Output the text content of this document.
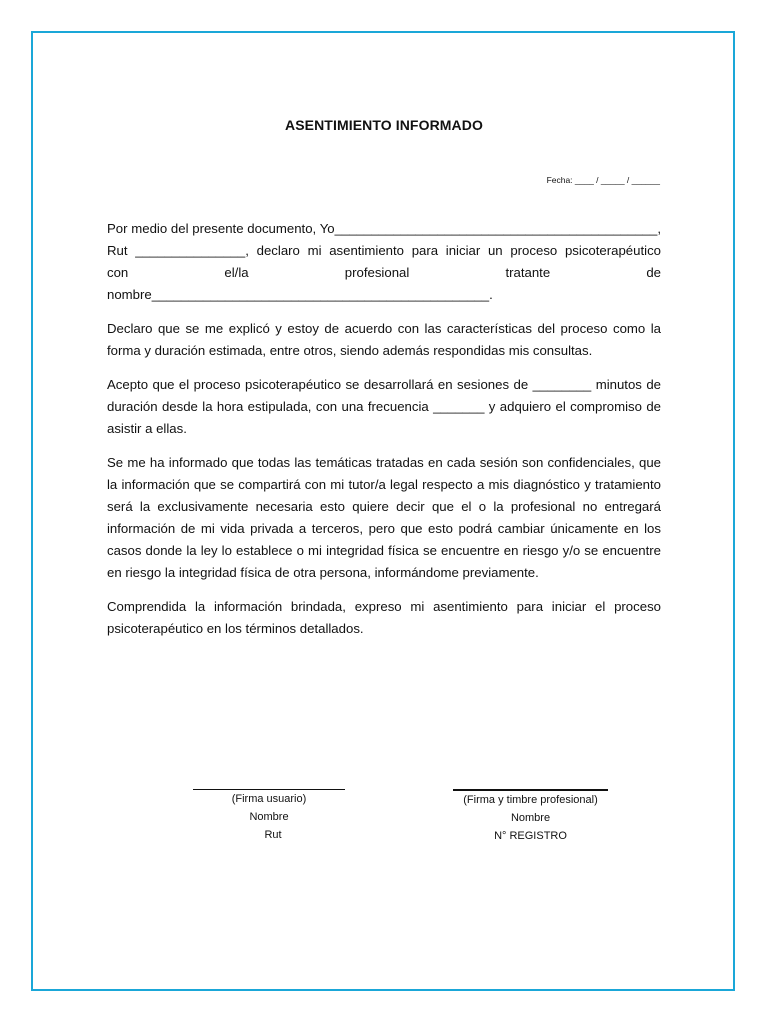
ASENTIMIENTO INFORMADO
Fecha: ____ / _____ / ______

Por medio del presente documento, Yo____________________________________________,
Rut _______________, declaro mi asentimiento para iniciar un proceso psicoterapéutico
con el/la profesional tratante de
nombre______________________________________________.

Declaro que se me explicó y estoy de acuerdo con las características del proceso como la forma y duración estimada, entre otros, siendo además respondidas mis consultas.

Acepto que el proceso psicoterapéutico se desarrollará en sesiones de ________ minutos de duración desde la hora estipulada, con una frecuencia _______ y adquiero el compromiso de asistir a ellas.

Se me ha informado que todas las temáticas tratadas en cada sesión son confidenciales, que la información que se compartirá con mi tutor/a legal respecto a mis diagnóstico y tratamiento será la exclusivamente necesaria esto quiere decir que el o la profesional no entregará información de mi vida privada a terceros, pero que esto podrá cambiar únicamente en los casos donde la ley lo establece o mi integridad física se encuentre en riesgo y/o se encuentre en riesgo la integridad física de otra persona, informándome previamente.

Comprendida la información brindada, expreso mi asentimiento para iniciar el proceso psicoterapéutico en los términos detallados.

(Firma usuario)
Nombre
Rut
(Firma y timbre profesional)
Nombre
N° REGISTRO
